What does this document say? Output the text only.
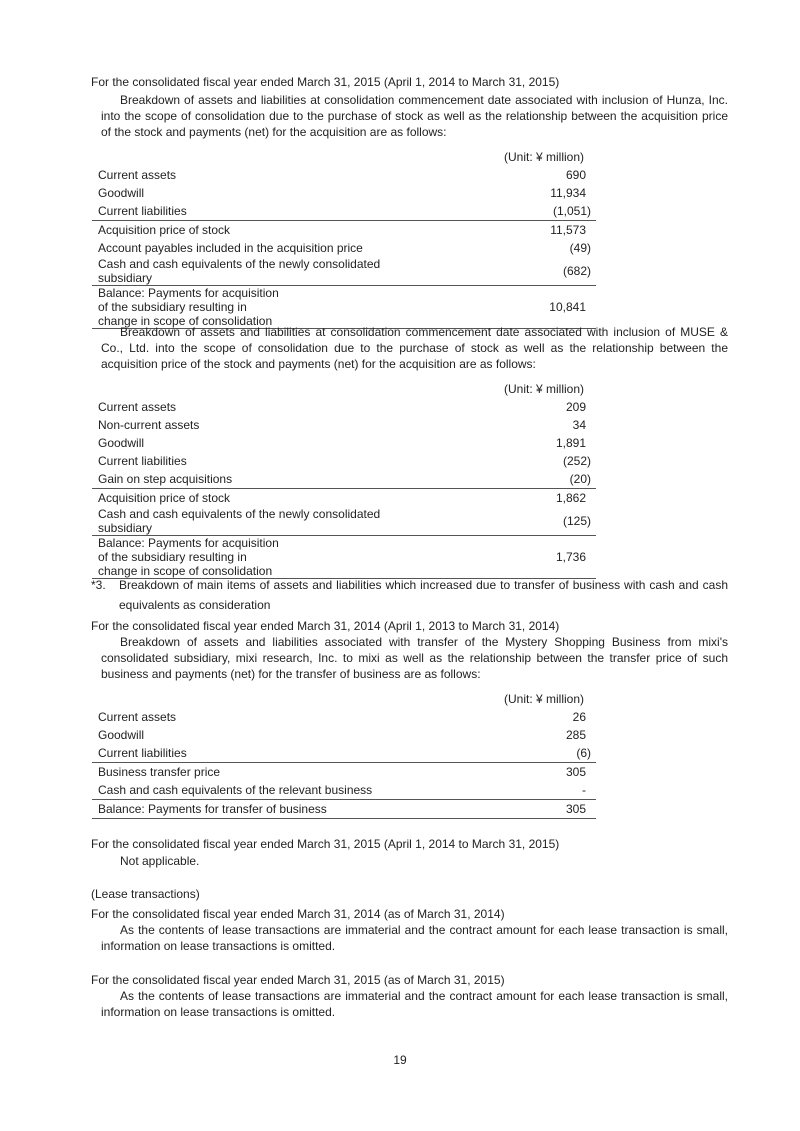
For the consolidated fiscal year ended March 31, 2015 (April 1, 2014 to March 31, 2015)
Breakdown of assets and liabilities at consolidation commencement date associated with inclusion of Hunza, Inc. into the scope of consolidation due to the purchase of stock as well as the relationship between the acquisition price of the stock and payments (net) for the acquisition are as follows:
	(Unit: ¥ million)
Current assets	690
Goodwill	11,934
Current liabilities	(1,051)
Acquisition price of stock	11,573
Account payables included in the acquisition price	(49)
Cash and cash equivalents of the newly consolidated subsidiary	(682)
Balance: Payments for acquisition of the subsidiary resulting in change in scope of consolidation	10,841
Breakdown of assets and liabilities at consolidation commencement date associated with inclusion of MUSE & Co., Ltd. into the scope of consolidation due to the purchase of stock as well as the relationship between the acquisition price of the stock and payments (net) for the acquisition are as follows:
	(Unit: ¥ million)
Current assets	209
Non-current assets	34
Goodwill	1,891
Current liabilities	(252)
Gain on step acquisitions	(20)
Acquisition price of stock	1,862
Cash and cash equivalents of the newly consolidated subsidiary	(125)
Balance: Payments for acquisition of the subsidiary resulting in change in scope of consolidation	1,736
*3. Breakdown of main items of assets and liabilities which increased due to transfer of business with cash and cash equivalents as consideration
For the consolidated fiscal year ended March 31, 2014 (April 1, 2013 to March 31, 2014)
Breakdown of assets and liabilities associated with transfer of the Mystery Shopping Business from mixi's consolidated subsidiary, mixi research, Inc. to mixi as well as the relationship between the transfer price of such business and payments (net) for the transfer of business are as follows:
	(Unit: ¥ million)
Current assets	26
Goodwill	285
Current liabilities	(6)
Business transfer price	305
Cash and cash equivalents of the relevant business	-
Balance: Payments for transfer of business	305
For the consolidated fiscal year ended March 31, 2015 (April 1, 2014 to March 31, 2015)
Not applicable.
(Lease transactions)
For the consolidated fiscal year ended March 31, 2014 (as of March 31, 2014)
As the contents of lease transactions are immaterial and the contract amount for each lease transaction is small, information on lease transactions is omitted.
For the consolidated fiscal year ended March 31, 2015 (as of March 31, 2015)
As the contents of lease transactions are immaterial and the contract amount for each lease transaction is small, information on lease transactions is omitted.
19
